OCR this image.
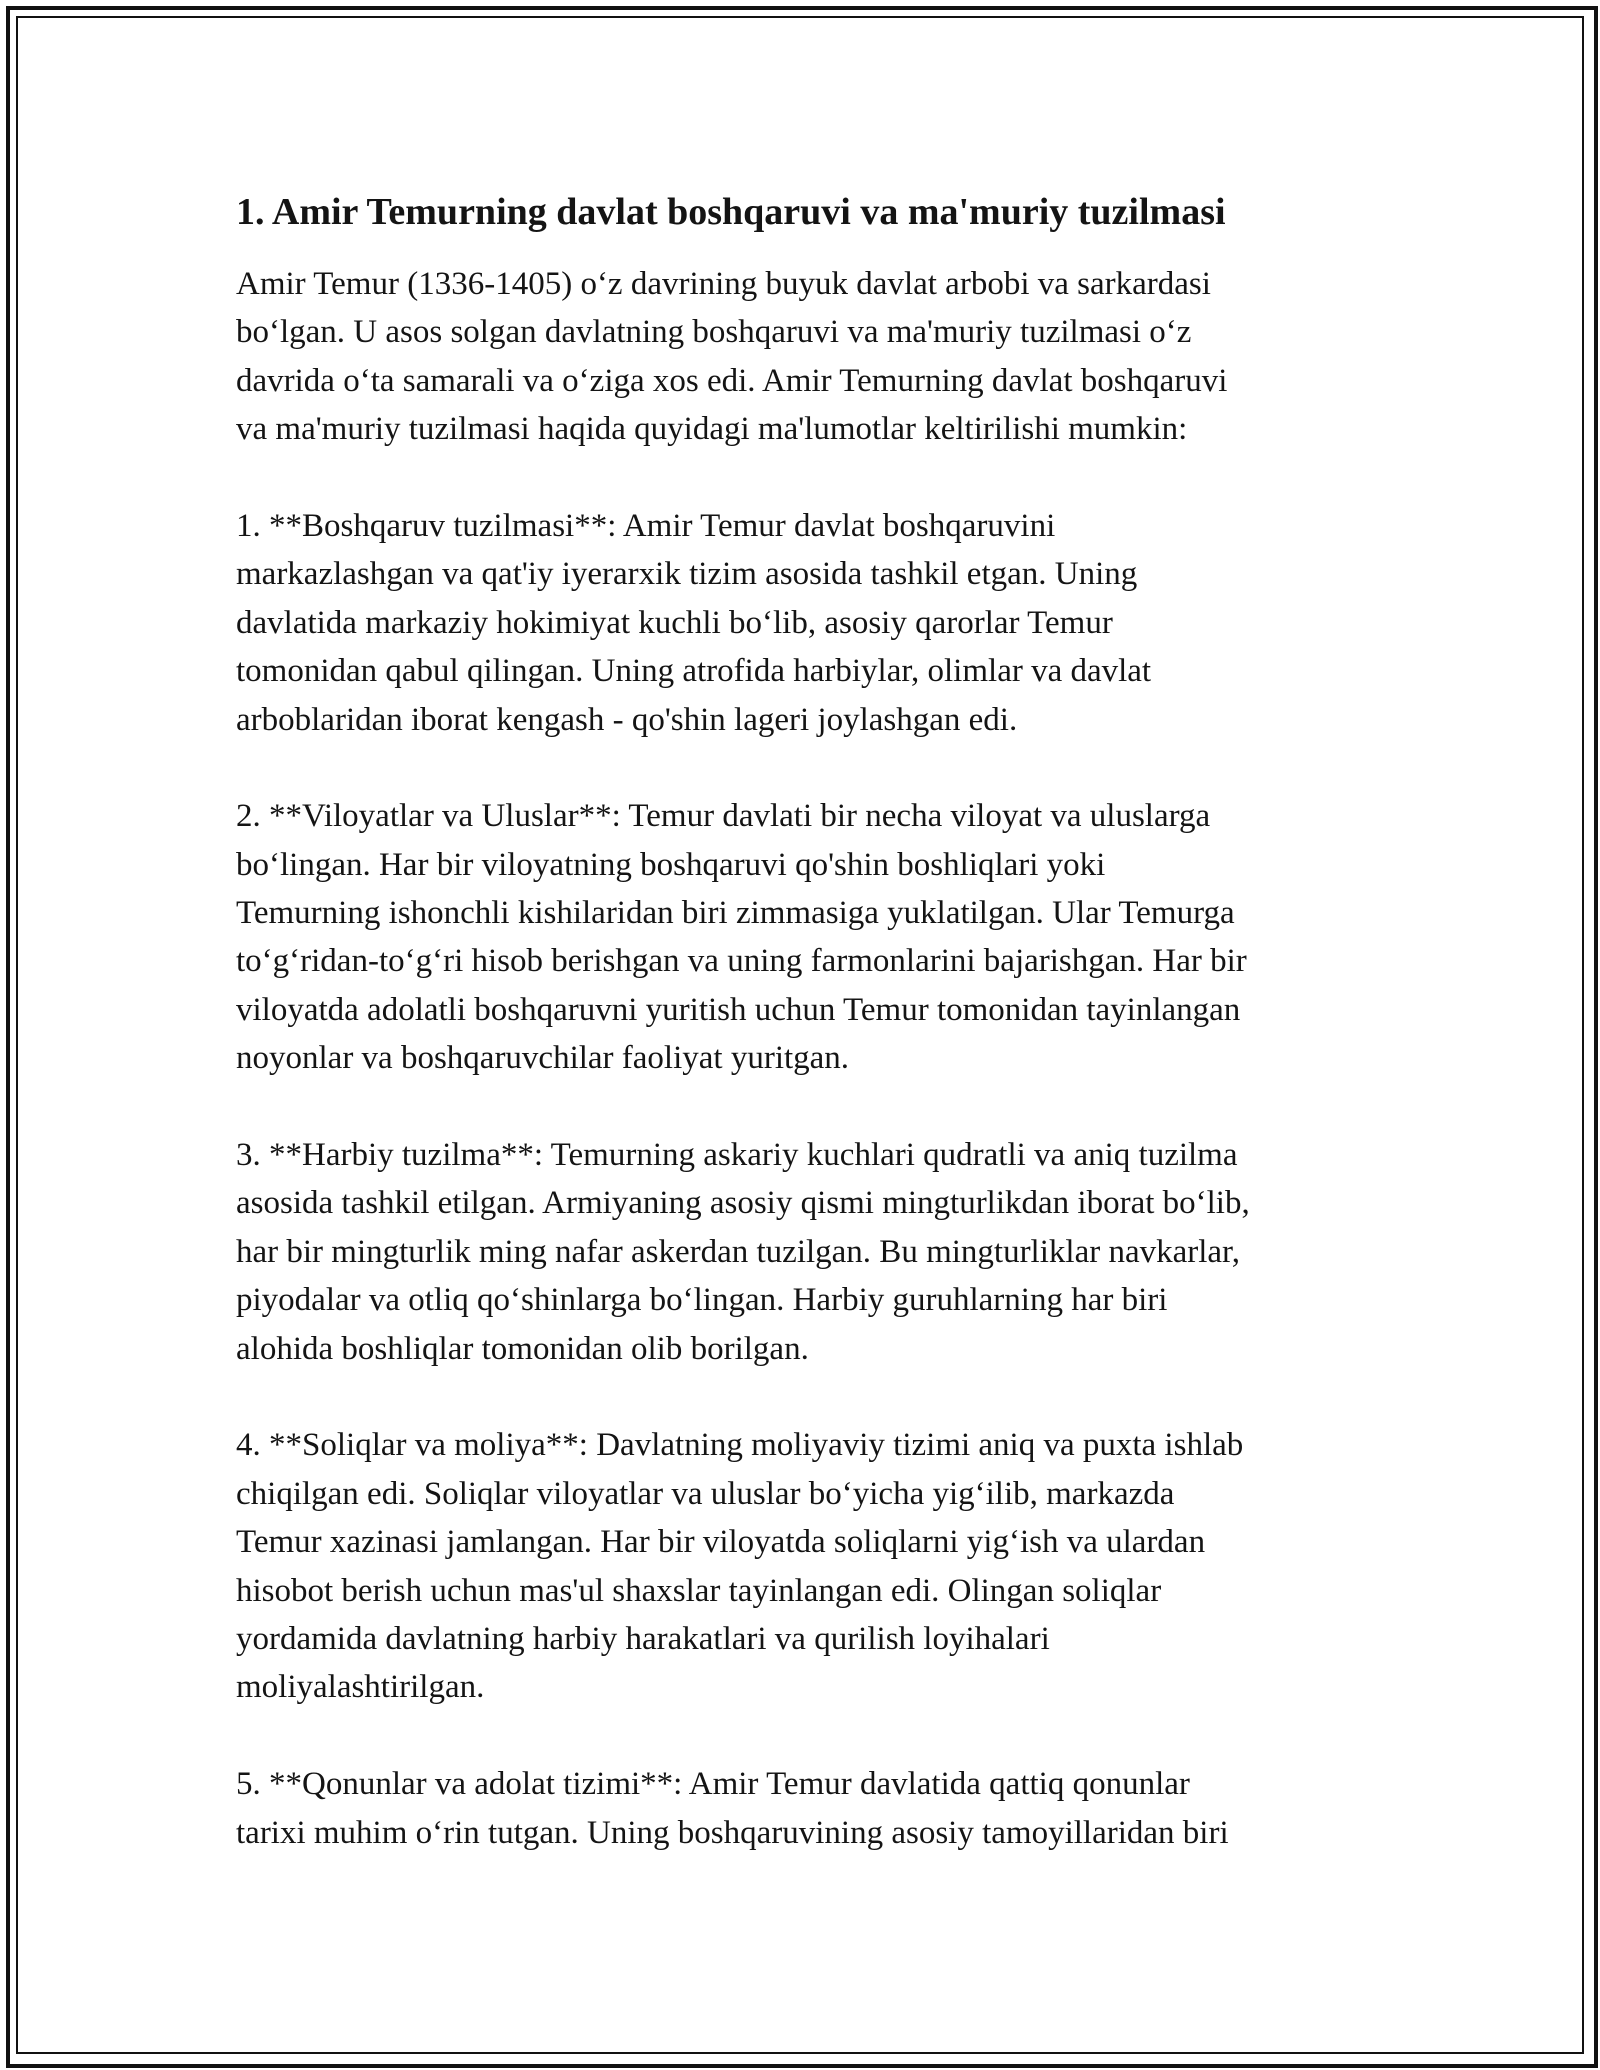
1. Amir Temurning davlat boshqaruvi va ma'muriy tuzilmasi

Amir Temur (1336-1405) o‘z davrining buyuk davlat arbobi va sarkardasi
bo‘lgan. U asos solgan davlatning boshqaruvi va ma'muriy tuzilmasi o‘z
davrida o‘ta samarali va o‘ziga xos edi. Amir Temurning davlat boshqaruvi
va ma'muriy tuzilmasi haqida quyidagi ma'lumotlar keltirilishi mumkin:

1. **Boshqaruv tuzilmasi**: Amir Temur davlat boshqaruvini
markazlashgan va qat'iy iyerarxik tizim asosida tashkil etgan. Uning
davlatida markaziy hokimiyat kuchli bo‘lib, asosiy qarorlar Temur
tomonidan qabul qilingan. Uning atrofida harbiylar, olimlar va davlat
arboblaridan iborat kengash - qo'shin lageri joylashgan edi.

2. **Viloyatlar va Uluslar**: Temur davlati bir necha viloyat va uluslarga
bo‘lingan. Har bir viloyatning boshqaruvi qo'shin boshliqlari yoki
Temurning ishonchli kishilaridan biri zimmasiga yuklatilgan. Ular Temurga
to‘g‘ridan-to‘g‘ri hisob berishgan va uning farmonlarini bajarishgan. Har bir
viloyatda adolatli boshqaruvni yuritish uchun Temur tomonidan tayinlangan
noyonlar va boshqaruvchilar faoliyat yuritgan.

3. **Harbiy tuzilma**: Temurning askariy kuchlari qudratli va aniq tuzilma
asosida tashkil etilgan. Armiyaning asosiy qismi mingturlikdan iborat bo‘lib,
har bir mingturlik ming nafar askerdan tuzilgan. Bu mingturliklar navkarlar,
piyodalar va otliq qo‘shinlarga bo‘lingan. Harbiy guruhlarning har biri
alohida boshliqlar tomonidan olib borilgan.

4. **Soliqlar va moliya**: Davlatning moliyaviy tizimi aniq va puxta ishlab
chiqilgan edi. Soliqlar viloyatlar va uluslar bo‘yicha yig‘ilib, markazda
Temur xazinasi jamlangan. Har bir viloyatda soliqlarni yig‘ish va ulardan
hisobot berish uchun mas'ul shaxslar tayinlangan edi. Olingan soliqlar
yordamida davlatning harbiy harakatlari va qurilish loyihalari
moliyalashtirilgan.

5. **Qonunlar va adolat tizimi**: Amir Temur davlatida qattiq qonunlar
tarixi muhim o‘rin tutgan. Uning boshqaruvining asosiy tamoyillaridan biri
